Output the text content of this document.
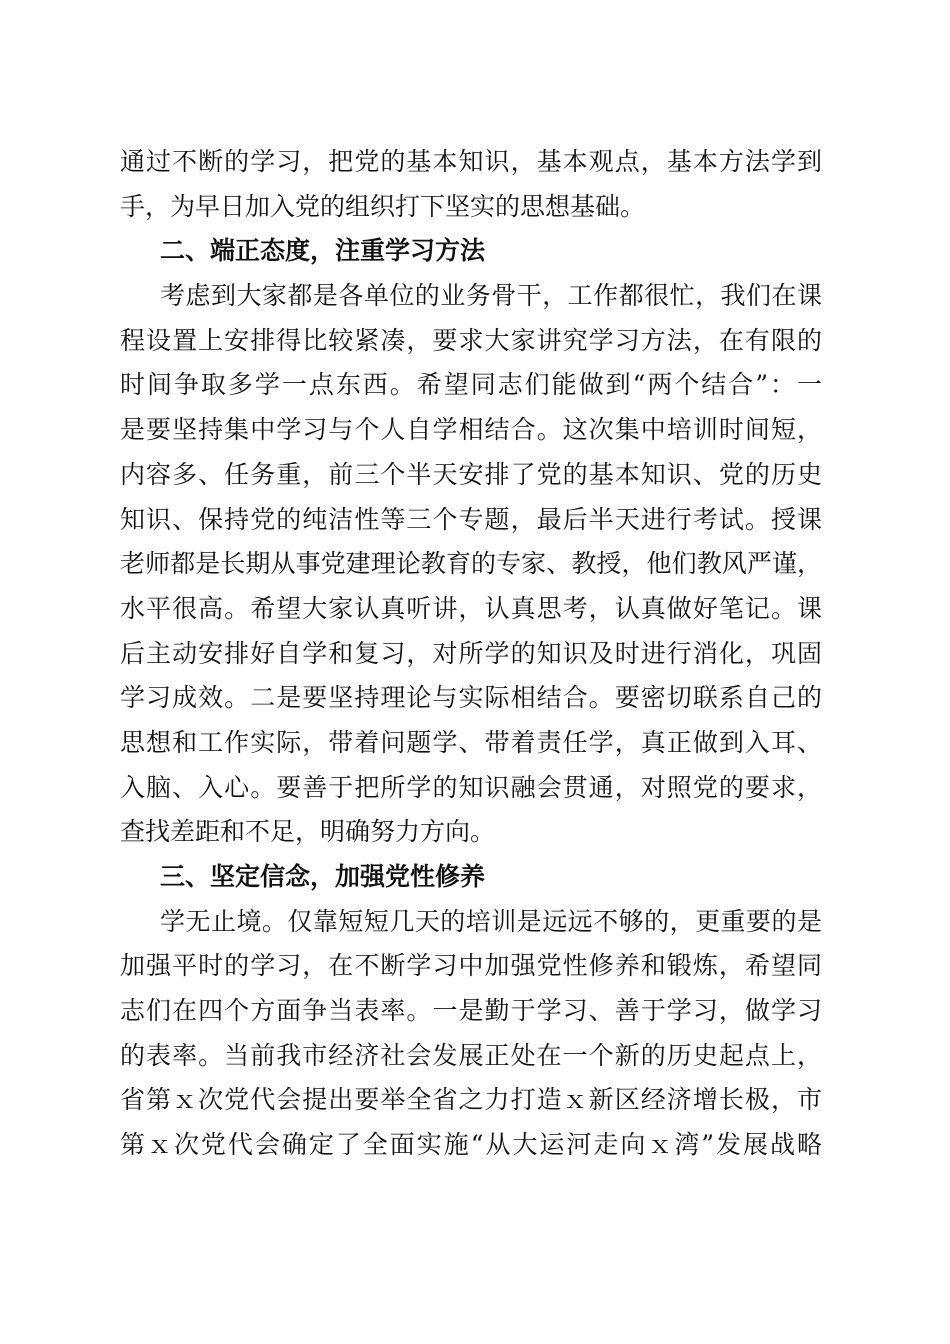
通过不断的学习，把党的基本知识，基本观点，基本方法学到
手，为早日加入党的组织打下坚实的思想基础。
二、端正态度，注重学习方法
考虑到大家都是各单位的业务骨干，工作都很忙，我们在课
程设置上安排得比较紧凑，要求大家讲究学习方法，在有限的
时间争取多学一点东西。希望同志们能做到“两个结合”：一
是要坚持集中学习与个人自学相结合。这次集中培训时间短，
内容多、任务重，前三个半天安排了党的基本知识、党的历史
知识、保持党的纯洁性等三个专题，最后半天进行考试。授课
老师都是长期从事党建理论教育的专家、教授，他们教风严谨，
水平很高。希望大家认真听讲，认真思考，认真做好笔记。课
后主动安排好自学和复习，对所学的知识及时进行消化，巩固
学习成效。二是要坚持理论与实际相结合。要密切联系自己的
思想和工作实际，带着问题学、带着责任学，真正做到入耳、
入脑、入心。要善于把所学的知识融会贯通，对照党的要求，
查找差距和不足，明确努力方向。
三、坚定信念，加强党性修养
学无止境。仅靠短短几天的培训是远远不够的，更重要的是
加强平时的学习，在不断学习中加强党性修养和锻炼，希望同
志们在四个方面争当表率。一是勤于学习、善于学习，做学习
的表率。当前我市经济社会发展正处在一个新的历史起点上，
省第ｘ次党代会提出要举全省之力打造ｘ新区经济增长极，市
第ｘ次党代会确定了全面实施“从大运河走向ｘ湾”发展战略
